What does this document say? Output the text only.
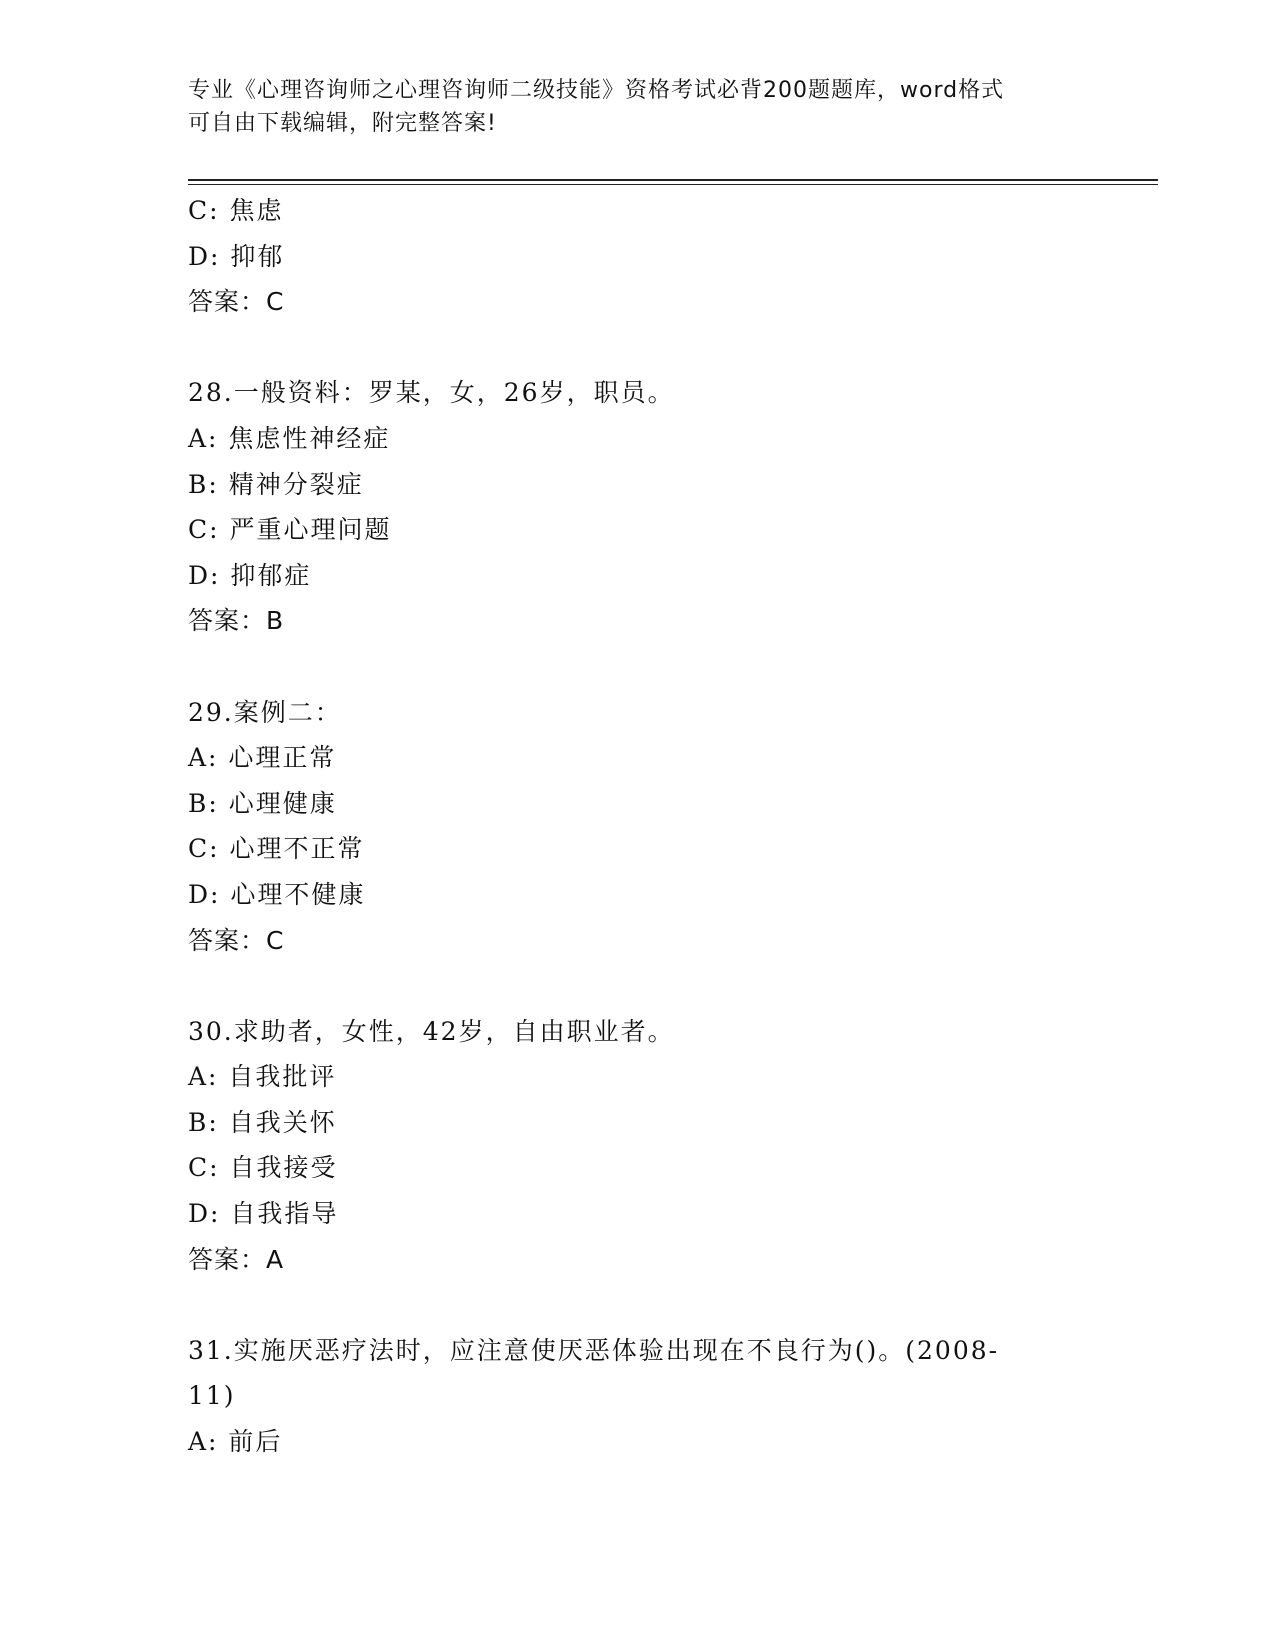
专业《心理咨询师之心理咨询师二级技能》资格考试必背200题题库，word格式
可自由下载编辑，附完整答案!
C: 焦虑
D: 抑郁
答案：C
28.一般资料：罗某，女，26岁，职员。
A: 焦虑性神经症
B: 精神分裂症
C: 严重心理问题
D: 抑郁症
答案：B
29.案例二：
A: 心理正常
B: 心理健康
C: 心理不正常
D: 心理不健康
答案：C
30.求助者，女性，42岁，自由职业者。
A: 自我批评
B: 自我关怀
C: 自我接受
D: 自我指导
答案：A
31.实施厌恶疗法时，应注意使厌恶体验出现在不良行为()。(2008-
11)
A: 前后
